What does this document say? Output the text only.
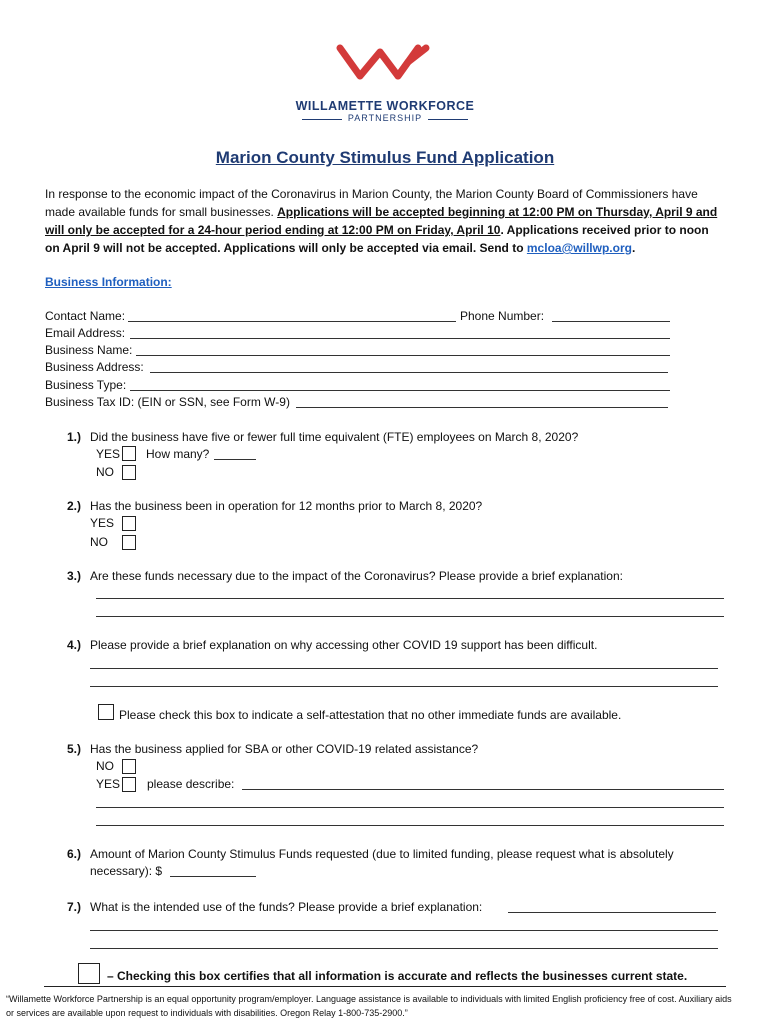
WILLAMETTE WORKFORCE
PARTNERSHIP
Marion County Stimulus Fund Application
In response to the economic impact of the Coronavirus in Marion County, the Marion County Board of Commissioners have made available funds for small businesses. Applications will be accepted beginning at 12:00 PM on Thursday, April 9 and will only be accepted for a 24-hour period ending at 12:00 PM on Friday, April 10. Applications received prior to noon on April 9 will not be accepted. Applications will only be accepted via email. Send to mcloa@willwp.org.
Business Information:
Contact Name:	Phone Number:
Email Address:
Business Name:
Business Address:
Business Type:
Business Tax ID: (EIN or SSN, see Form W-9)
1.) Did the business have five or fewer full time equivalent (FTE) employees on March 8, 2020?
YES How many?
NO
2.) Has the business been in operation for 12 months prior to March 8, 2020?
YES
NO
3.) Are these funds necessary due to the impact of the Coronavirus? Please provide a brief explanation:
4.) Please provide a brief explanation on why accessing other COVID 19 support has been difficult.
Please check this box to indicate a self-attestation that no other immediate funds are available.
5.) Has the business applied for SBA or other COVID-19 related assistance?
NO
YES please describe:
6.) Amount of Marion County Stimulus Funds requested (due to limited funding, please request what is absolutely
necessary): $
7.) What is the intended use of the funds? Please provide a brief explanation:
– Checking this box certifies that all information is accurate and reflects the businesses current state.
“Willamette Workforce Partnership is an equal opportunity program/employer. Language assistance is available to individuals with limited English proficiency free of cost. Auxiliary aids
or services are available upon request to individuals with disabilities. Oregon Relay 1-800-735-2900.”
